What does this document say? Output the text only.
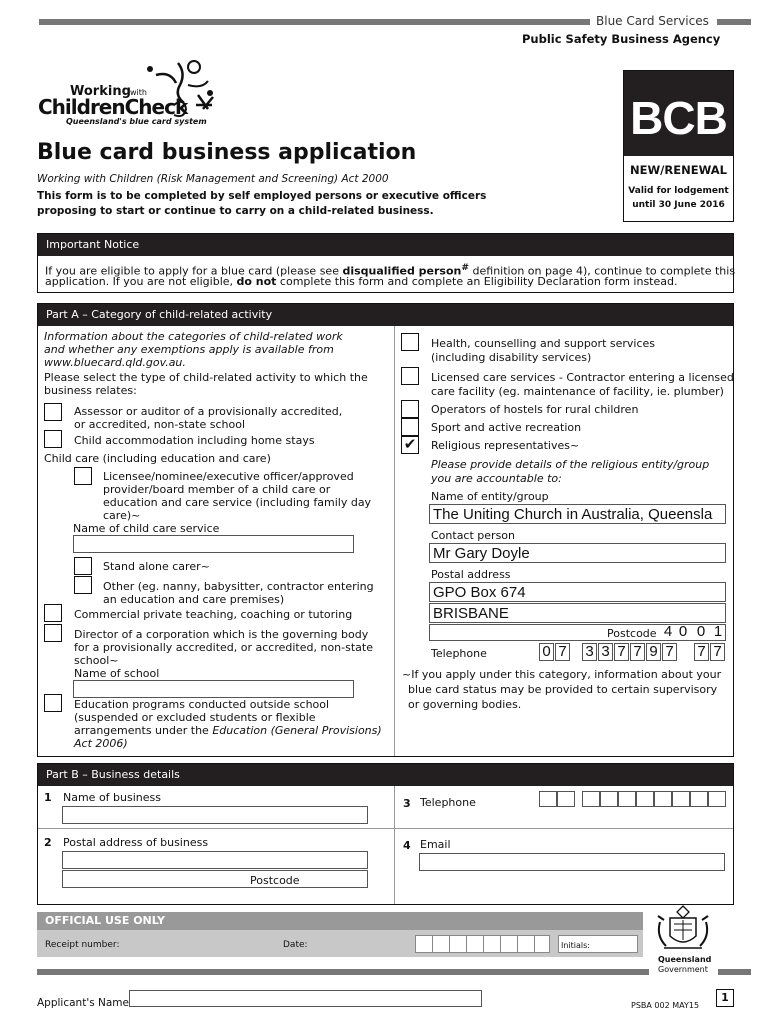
Blue Card Services
Public Safety Business Agency
Working with
ChildrenCheck
Queensland's blue card system	BCB
NEW/RENEWAL
Valid for lodgement
until 30 June 2016
Blue card business application
Working with Children (Risk Management and Screening) Act 2000
This form is to be completed by self employed persons or executive officers
proposing to start or continue to carry on a child-related business.
Important Notice
If you are eligible to apply for a blue card (please see disqualified person# definition on page 4), continue to complete this
application. If you are not eligible, do not complete this form and complete an Eligibility Declaration form instead.
Part A – Category of child-related activity
Information about the categories of child-related work
and whether any exemptions apply is available from
www.bluecard.qld.gov.au.
Please select the type of child-related activity to which the
business relates:
Assessor or auditor of a provisionally accredited,
or accredited, non-state school
Child accommodation including home stays
Child care (including education and care)
Licensee/nominee/executive officer/approved
provider/board member of a child care or
education and care service (including family day
care)~
Name of child care service
Stand alone carer~
Other (eg. nanny, babysitter, contractor entering
an education and care premises)
Commercial private teaching, coaching or tutoring
Director of a corporation which is the governing body
for a provisionally accredited, or accredited, non-state
school~
Name of school
Education programs conducted outside school
(suspended or excluded students or flexible
arrangements under the Education (General Provisions)
Act 2006)
Health, counselling and support services
(including disability services)
Licensed care services - Contractor entering a licensed
care facility (eg. maintenance of facility, ie. plumber)
Operators of hostels for rural children
Sport and active recreation
✔ Religious representatives~
Please provide details of the religious entity/group
you are accountable to:
Name of entity/group
The Uniting Church in Australia, Queensla
Contact person
Mr Gary Doyle
Postal address
GPO Box 674
BRISBANE
Postcode 4 0 0 1
Telephone	0 7 3 3 7 7 9 7 7 7
~If you apply under this category, information about your
blue card status may be provided to certain supervisory
or governing bodies.
Part B – Business details
1 Name of business
2 Postal address of business
Postcode
3 Telephone
4 Email
OFFICIAL USE ONLY
Receipt number:	Date:	Initials:
Queensland
Government
Applicant's Name	PSBA 002 MAY15
1
